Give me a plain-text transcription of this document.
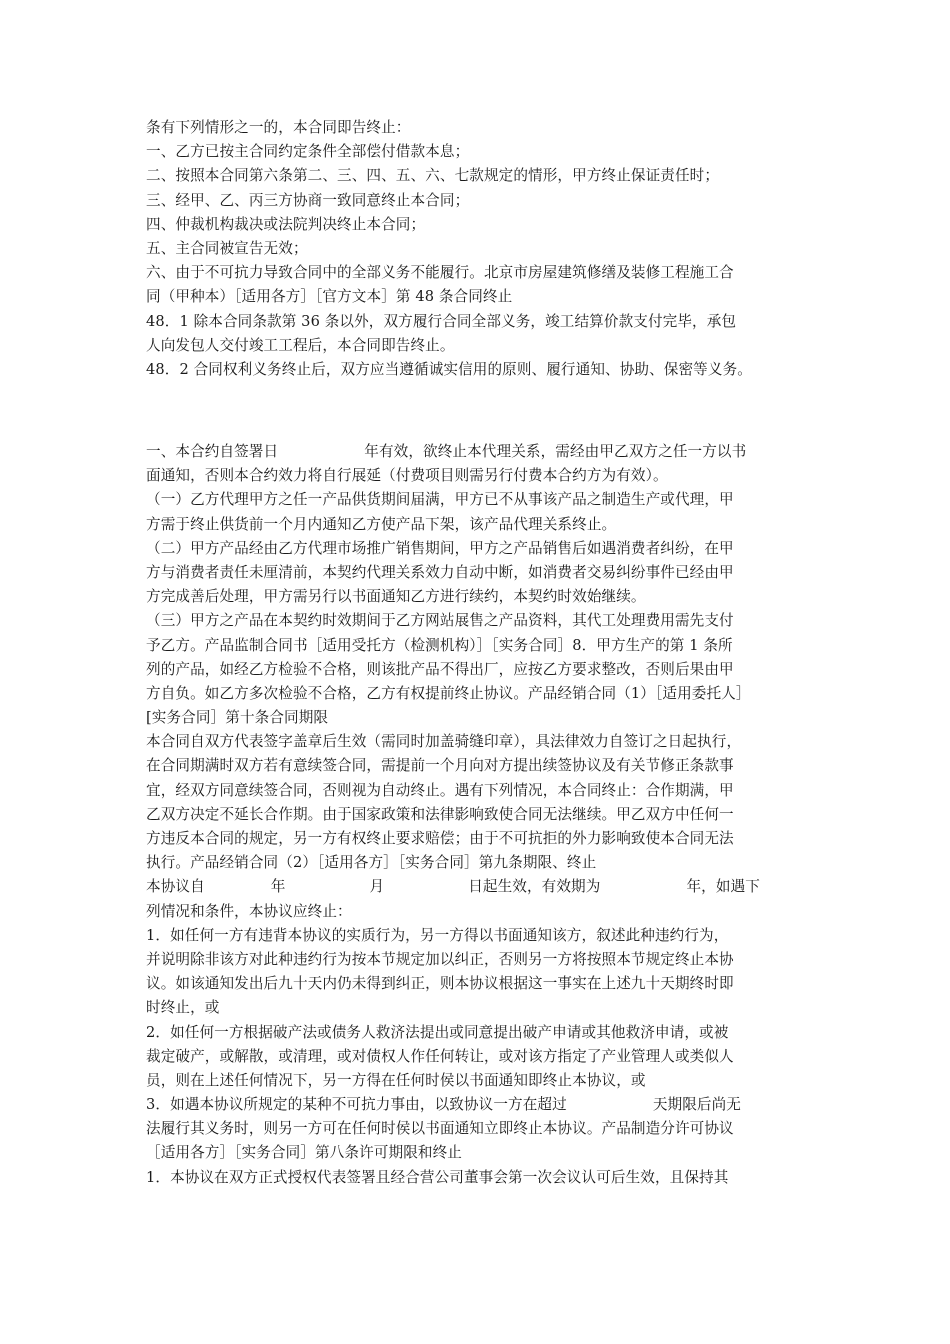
条有下列情形之一的，本合同即告终止：
一、乙方已按主合同约定条件全部偿付借款本息；
二、按照本合同第六条第二、三、四、五、六、七款规定的情形，甲方终止保证责任时；
三、经甲、乙、丙三方协商一致同意终止本合同；
四、仲裁机构裁决或法院判决终止本合同；
五、主合同被宣告无效；
六、由于不可抗力导致合同中的全部义务不能履行。北京市房屋建筑修缮及装修工程施工合
同（甲种本）［适用各方］［官方文本］第 48 条合同终止
48．1 除本合同条款第 36 条以外，双方履行合同全部义务，竣工结算价款支付完毕，承包
人向发包人交付竣工工程后，本合同即告终止。
48．2 合同权利义务终止后，双方应当遵循诚实信用的原则、履行通知、协助、保密等义务。
一、本合约自签署日	年有效，欲终止本代理关系，需经由甲乙双方之任一方以书
面通知，否则本合约效力将自行展延（付费项目则需另行付费本合约方为有效）。
（一）乙方代理甲方之任一产品供货期间届满，甲方已不从事该产品之制造生产或代理，甲
方需于终止供货前一个月内通知乙方使产品下架，该产品代理关系终止。
（二）甲方产品经由乙方代理市场推广销售期间，甲方之产品销售后如遇消费者纠纷，在甲
方与消费者责任未厘清前，本契约代理关系效力自动中断，如消费者交易纠纷事件已经由甲
方完成善后处理，甲方需另行以书面通知乙方进行续约，本契约时效始继续。
（三）甲方之产品在本契约时效期间于乙方网站展售之产品资料，其代工处理费用需先支付
予乙方。产品监制合同书［适用受托方（检测机构）］［实务合同］8．甲方生产的第 1 条所
列的产品，如经乙方检验不合格，则该批产品不得出厂，应按乙方要求整改，否则后果由甲
方自负。如乙方多次检验不合格，乙方有权提前终止协议。产品经销合同（1）［适用委托人］
[实务合同］第十条合同期限
本合同自双方代表签字盖章后生效（需同时加盖骑缝印章），具法律效力自签订之日起执行，
在合同期满时双方若有意续签合同，需提前一个月向对方提出续签协议及有关节修正条款事
宜，经双方同意续签合同，否则视为自动终止。遇有下列情况，本合同终止：合作期满，甲
乙双方决定不延长合作期。由于国家政策和法律影响致使合同无法继续。甲乙双方中任何一
方违反本合同的规定，另一方有权终止要求赔偿；由于不可抗拒的外力影响致使本合同无法
执行。产品经销合同（2）［适用各方］［实务合同］第九条期限、终止
本协议自	年	月	日起生效，有效期为	年，如遇下
列情况和条件，本协议应终止：
1．如任何一方有违背本协议的实质行为，另一方得以书面通知该方，叙述此种违约行为，
并说明除非该方对此种违约行为按本节规定加以纠正，否则另一方将按照本节规定终止本协
议。如该通知发出后九十天内仍未得到纠正，则本协议根据这一事实在上述九十天期终时即
时终止，或
2．如任何一方根据破产法或债务人救济法提出或同意提出破产申请或其他救济申请，或被
裁定破产，或解散，或清理，或对债权人作任何转让，或对该方指定了产业管理人或类似人
员，则在上述任何情况下，另一方得在任何时侯以书面通知即终止本协议，或
3．如遇本协议所规定的某种不可抗力事由，以致协议一方在超过	天期限后尚无
法履行其义务时，则另一方可在任何时侯以书面通知立即终止本协议。产品制造分许可协议
［适用各方］［实务合同］第八条许可期限和终止
1．本协议在双方正式授权代表签署且经合营公司董事会第一次会议认可后生效，且保持其
